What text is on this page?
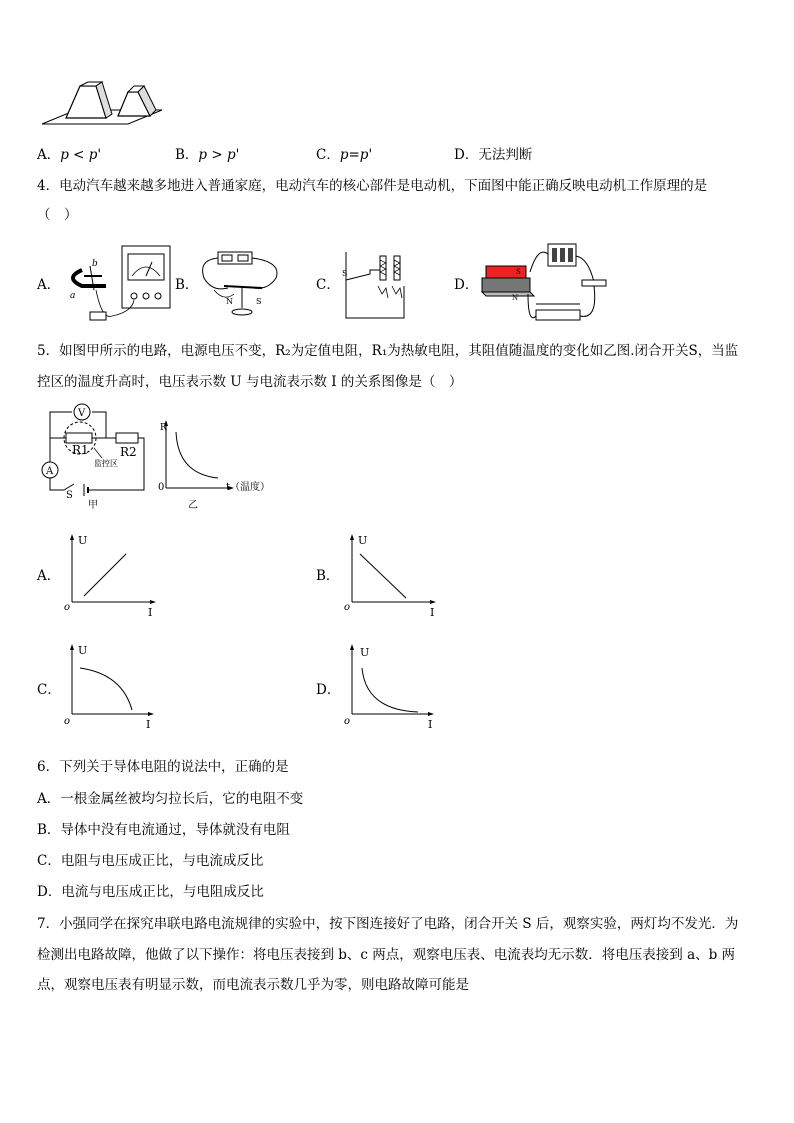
A．p < p'	B．p > p'	C．p=p'	D．无法判断
4．电动汽车越来越多地进入普通家庭，电动汽车的核心部件是电动机，下面图中能正确反映电动机工作原理的是
（　）
A．
b
a
B．
N	S
C．
S
D．
S
N
5．如图甲所示的电路，电源电压不变，R₂为定值电阻，R₁为热敏电阻，其阻值随温度的变化如乙图.闭合开关S，当监
控区的温度升高时，电压表示数 U 与电流表示数 I 的关系图像是（　）
V
A
R1	R2
监控区
S
甲
R
0	t（温度）
乙
A．
U
o	I
B．
U
o	I
C．
U
o	I
D．
U
o	I
6．下列关于导体电阻的说法中，正确的是
A．一根金属丝被均匀拉长后，它的电阻不变
B．导体中没有电流通过，导体就没有电阻
C．电阻与电压成正比，与电流成反比
D．电流与电压成正比，与电阻成反比
7．小强同学在探究串联电路电流规律的实验中，按下图连接好了电路，闭合开关 S 后，观察实验，两灯均不发光．为
检测出电路故障，他做了以下操作：将电压表接到 b、c 两点，观察电压表、电流表均无示数．将电压表接到 a、b 两
点，观察电压表有明显示数，而电流表示数几乎为零，则电路故障可能是
